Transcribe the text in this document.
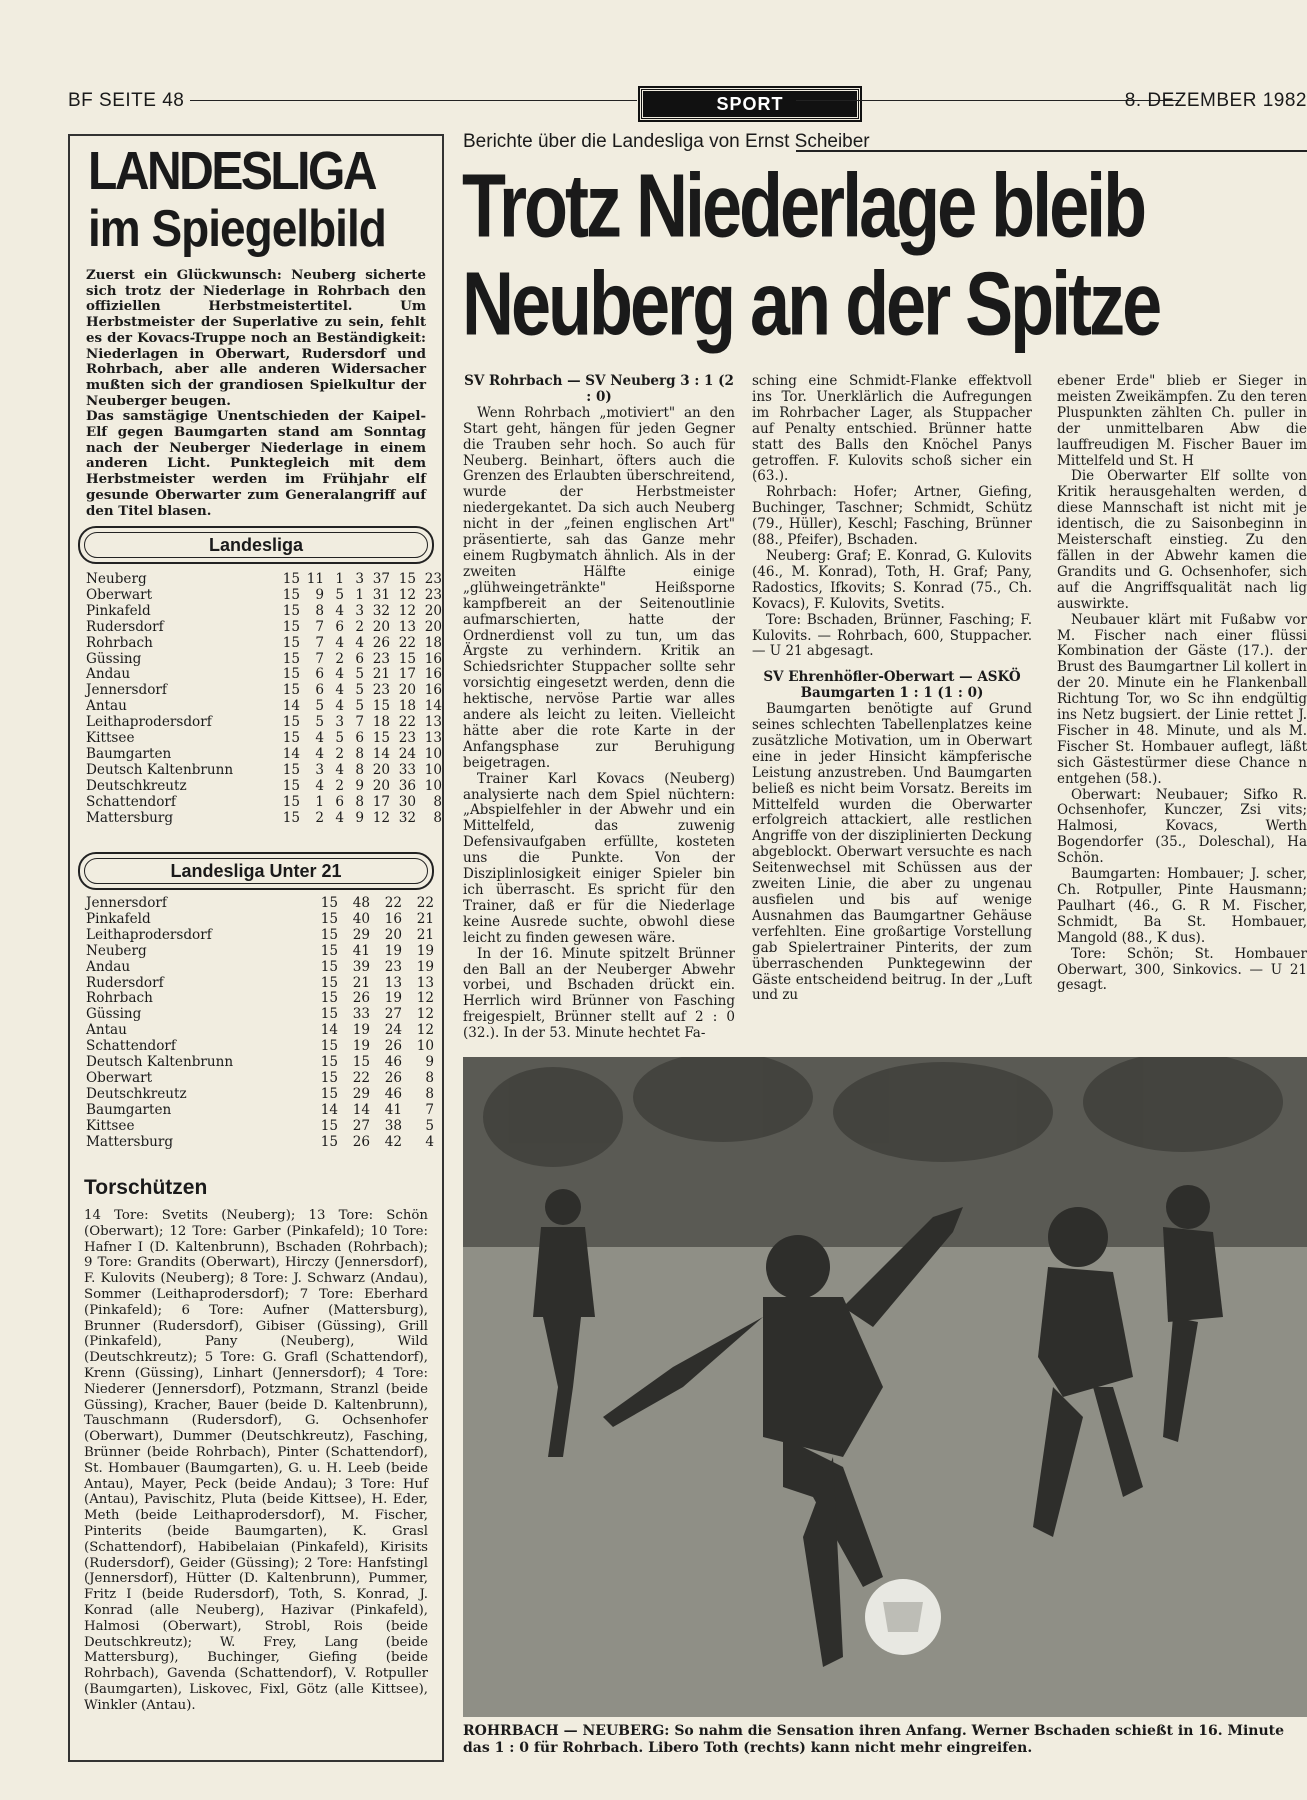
BF SEITE 48	SPORT	8. DEZEMBER 1982
LANDESLIGA
im Spiegelbild

Zuerst ein Glückwunsch: Neuberg sicherte sich trotz der Niederlage in Rohrbach den offiziellen Herbstmeistertitel. Um Herbstmeister der Superlative zu sein, fehlt es der Kovacs-Truppe noch an Beständigkeit: Niederlagen in Oberwart, Rudersdorf und Rohrbach, aber alle anderen Widersacher mußten sich der grandiosen Spielkultur der Neuberger beugen.

Das samstägige Unentschieden der Kaipel-Elf gegen Baumgarten stand am Sonntag nach der Neuberger Niederlage in einem anderen Licht. Punktegleich mit dem Herbstmeister werden im Frühjahr elf gesunde Oberwarter zum Generalangriff auf den Titel blasen.

Landesliga
Neuberg	15	11	1	3	37	15	23
Oberwart	15	9	5	1	31	12	23
Pinkafeld	15	8	4	3	32	12	20
Rudersdorf	15	7	6	2	20	13	20
Rohrbach	15	7	4	4	26	22	18
Güssing	15	7	2	6	23	15	16
Andau	15	6	4	5	21	17	16
Jennersdorf	15	6	4	5	23	20	16
Antau	14	5	4	5	15	18	14
Leithaprodersdorf	15	5	3	7	18	22	13
Kittsee	15	4	5	6	15	23	13
Baumgarten	14	4	2	8	14	24	10
Deutsch Kaltenbrunn	15	3	4	8	20	33	10
Deutschkreutz	15	4	2	9	20	36	10
Schattendorf	15	1	6	8	17	30	8
Mattersburg	15	2	4	9	12	32	8
Landesliga Unter 21
Jennersdorf	15	48	22	22
Pinkafeld	15	40	16	21
Leithaprodersdorf	15	29	20	21
Neuberg	15	41	19	19
Andau	15	39	23	19
Rudersdorf	15	21	13	13
Rohrbach	15	26	19	12
Güssing	15	33	27	12
Antau	14	19	24	12
Schattendorf	15	19	26	10
Deutsch Kaltenbrunn	15	15	46	9
Oberwart	15	22	26	8
Deutschkreutz	15	29	46	8
Baumgarten	14	14	41	7
Kittsee	15	27	38	5
Mattersburg	15	26	42	4
Torschützen
14 Tore: Svetits (Neuberg); 13 Tore: Schön (Oberwart); 12 Tore: Garber (Pinkafeld); 10 Tore: Hafner I (D. Kaltenbrunn), Bschaden (Rohrbach); 9 Tore: Grandits (Oberwart), Hirczy (Jennersdorf), F. Kulovits (Neuberg); 8 Tore: J. Schwarz (Andau), Sommer (Leithaprodersdorf); 7 Tore: Eberhard (Pinkafeld); 6 Tore: Aufner (Mattersburg), Brunner (Rudersdorf), Gibiser (Güssing), Grill (Pinkafeld), Pany (Neuberg), Wild (Deutschkreutz); 5 Tore: G. Grafl (Schattendorf), Krenn (Güssing), Linhart (Jennersdorf); 4 Tore: Niederer (Jennersdorf), Potzmann, Stranzl (beide Güssing), Kracher, Bauer (beide D. Kaltenbrunn), Tauschmann (Rudersdorf), G. Ochsenhofer (Oberwart), Dummer (Deutschkreutz), Fasching, Brünner (beide Rohrbach), Pinter (Schattendorf), St. Hombauer (Baumgarten), G. u. H. Leeb (beide Antau), Mayer, Peck (beide Andau); 3 Tore: Huf (Antau), Pavischitz, Pluta (beide Kittsee), H. Eder, Meth (beide Leithaprodersdorf), M. Fischer, Pinterits (beide Baumgarten), K. Grasl (Schattendorf), Habibelaian (Pinkafeld), Kirisits (Rudersdorf), Geider (Güssing); 2 Tore: Hanfstingl (Jennersdorf), Hütter (D. Kaltenbrunn), Pummer, Fritz I (beide Rudersdorf), Toth, S. Konrad, J. Konrad (alle Neuberg), Hazivar (Pinkafeld), Halmosi (Oberwart), Strobl, Rois (beide Deutschkreutz); W. Frey, Lang (beide Mattersburg), Buchinger, Giefing (beide Rohrbach), Gavenda (Schattendorf), V. Rotpuller (Baumgarten), Liskovec, Fixl, Götz (alle Kittsee), Winkler (Antau).
Berichte über die Landesliga von Ernst Scheiber
Trotz Niederlage bleib
Neuberg an der Spitze

SV Rohrbach — SV Neuberg 3 : 1 (2 : 0)

Wenn Rohrbach „motiviert" an den Start geht, hängen für jeden Gegner die Trauben sehr hoch. So auch für Neuberg. Beinhart, öfters auch die Grenzen des Erlaubten überschreitend, wurde der Herbstmeister niedergekantet. Da sich auch Neuberg nicht in der „feinen englischen Art" präsentierte, sah das Ganze mehr einem Rugbymatch ähnlich. Als in der zweiten Hälfte einige „glühweingetränkte" Heißsporne kampfbereit an der Seitenoutlinie aufmarschierten, hatte der Ordnerdienst voll zu tun, um das Ärgste zu verhindern. Kritik an Schiedsrichter Stuppacher sollte sehr vorsichtig eingesetzt werden, denn die hektische, nervöse Partie war alles andere als leicht zu leiten. Vielleicht hätte aber die rote Karte in der Anfangsphase zur Beruhigung beigetragen.

Trainer Karl Kovacs (Neuberg) analysierte nach dem Spiel nüchtern: „Abspielfehler in der Abwehr und ein Mittelfeld, das zuwenig Defensivaufgaben erfüllte, kosteten uns die Punkte. Von der Disziplinlosigkeit einiger Spieler bin ich überrascht. Es spricht für den Trainer, daß er für die Niederlage keine Ausrede suchte, obwohl diese leicht zu finden gewesen wäre.

In der 16. Minute spitzelt Brünner den Ball an der Neuberger Abwehr vorbei, und Bschaden drückt ein. Herrlich wird Brünner von Fasching freigespielt, Brünner stellt auf 2 : 0 (32.). In der 53. Minute hechtet Fa-

sching eine Schmidt-Flanke effektvoll ins Tor. Unerklärlich die Aufregungen im Rohrbacher Lager, als Stuppacher auf Penalty entschied. Brünner hatte statt des Balls den Knöchel Panys getroffen. F. Kulovits schoß sicher ein (63.).

Rohrbach: Hofer; Artner, Giefing, Buchinger, Taschner; Schmidt, Schütz (79., Hüller), Keschl; Fasching, Brünner (88., Pfeifer), Bschaden.

Neuberg: Graf; E. Konrad, G. Kulovits (46., M. Konrad), Toth, H. Graf; Pany, Radostics, Ifkovits; S. Konrad (75., Ch. Kovacs), F. Kulovits, Svetits.

Tore: Bschaden, Brünner, Fasching; F. Kulovits. — Rohrbach, 600, Stuppacher. — U 21 abgesagt.

SV Ehrenhöfler-Oberwart — ASKÖ Baumgarten 1 : 1 (1 : 0)

Baumgarten benötigte auf Grund seines schlechten Tabellenplatzes keine zusätzliche Motivation, um in Oberwart eine in jeder Hinsicht kämpferische Leistung anzustreben. Und Baumgarten beließ es nicht beim Vorsatz. Bereits im Mittelfeld wurden die Oberwarter erfolgreich attackiert, alle restlichen Angriffe von der disziplinierten Deckung abgeblockt. Oberwart versuchte es nach Seitenwechsel mit Schüssen aus der zweiten Linie, die aber zu ungenau ausfielen und bis auf wenige Ausnahmen das Baumgartner Gehäuse verfehlten. Eine großartige Vorstellung gab Spielertrainer Pinterits, der zum überraschenden Punktegewinn der Gäste entscheidend beitrug. In der „Luft und zu

ebener Erde" blieb er Sieger in meisten Zweikämpfen. Zu den teren Pluspunkten zählten Ch. puller in der unmittelbaren Abw die lauffreudigen M. Fischer Bauer im Mittelfeld und St. H

Die Oberwarter Elf sollte von Kritik herausgehalten werden, d diese Mannschaft ist nicht mit je identisch, die zu Saisonbeginn in Meisterschaft einstieg. Zu den fällen in der Abwehr kamen die Grandits und G. Ochsenhofer, sich auf die Angriffsqualität nach lig auswirkte.

Neubauer klärt mit Fußabw vor M. Fischer nach einer flüssi Kombination der Gäste (17.). der Brust des Baumgartner Lil kollert in der 20. Minute ein he Flankenball Richtung Tor, wo Sc ihn endgültig ins Netz bugsiert. der Linie rettet J. Fischer in 48. Minute, und als M. Fischer St. Hombauer auflegt, läßt sich Gästestürmer diese Chance n entgehen (58.).

Oberwart: Neubauer; Sifko R. Ochsenhofer, Kunczer, Zsi vits; Halmosi, Kovacs, Werth Bogendorfer (35., Doleschal), Ha Schön.

Baumgarten: Hombauer; J. scher, Ch. Rotpuller, Pinte Hausmann; Paulhart (46., G. R M. Fischer, Schmidt, Ba St. Hombauer, Mangold (88., K dus).

Tore: Schön; St. Hombauer Oberwart, 300, Sinkovics. — U 21 gesagt.

ROHRBACH — NEUBERG: So nahm die Sensation ihren Anfang. Werner Bschaden schießt in 16. Minute das 1 : 0 für Rohrbach. Libero Toth (rechts) kann nicht mehr eingreifen.
